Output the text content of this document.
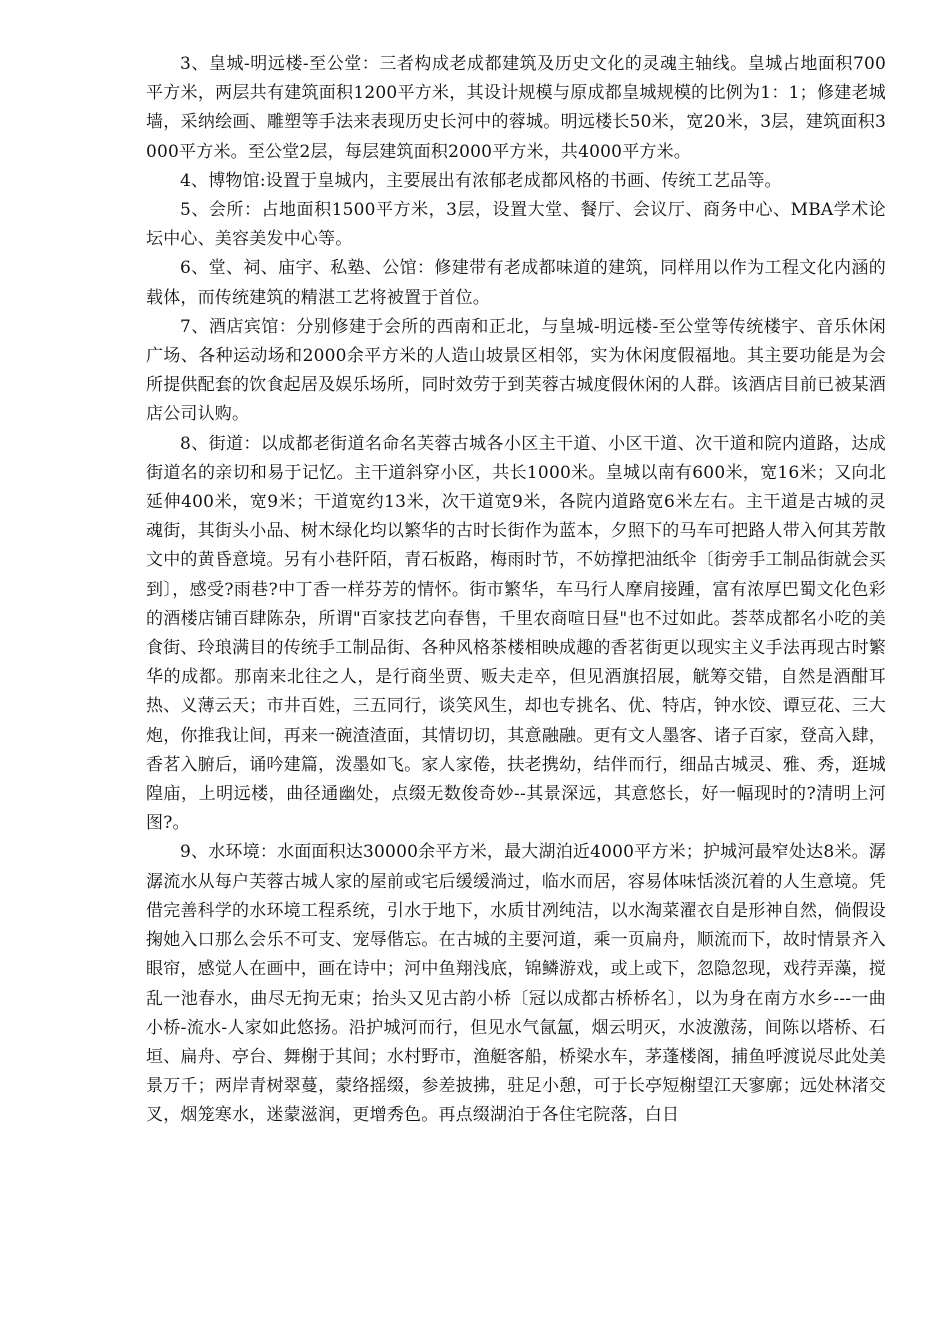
3、皇城-明远楼-至公堂：三者构成老成都建筑及历史文化的灵魂主轴线。皇城占地面积700平方米，两层共有建筑面积1200平方米，其设计规模与原成都皇城规模的比例为1：1；修建老城墙，采纳绘画、雕塑等手法来表现历史长河中的蓉城。明远楼长50米，宽20米，3层，建筑面积3000平方米。至公堂2层，每层建筑面积2000平方米，共4000平方米。

4、博物馆:设置于皇城内，主要展出有浓郁老成都风格的书画、传统工艺品等。

5、会所：占地面积1500平方米，3层，设置大堂、餐厅、会议厅、商务中心、MBA学术论坛中心、美容美发中心等。

6、堂、祠、庙宇、私塾、公馆：修建带有老成都味道的建筑，同样用以作为工程文化内涵的载体，而传统建筑的精湛工艺将被置于首位。

7、酒店宾馆：分别修建于会所的西南和正北，与皇城-明远楼-至公堂等传统楼宇、音乐休闲广场、各种运动场和2000余平方米的人造山坡景区相邻，实为休闲度假福地。其主要功能是为会所提供配套的饮食起居及娱乐场所，同时效劳于到芙蓉古城度假休闲的人群。该酒店目前已被某酒店公司认购。

8、街道：以成都老街道名命名芙蓉古城各小区主干道、小区干道、次干道和院内道路，达成街道名的亲切和易于记忆。主干道斜穿小区，共长1000米。皇城以南有600米，宽16米；又向北延伸400米，宽9米；干道宽约13米，次干道宽9米，各院内道路宽6米左右。主干道是古城的灵魂街，其街头小品、树木绿化均以繁华的古时长街作为蓝本，夕照下的马车可把路人带入何其芳散文中的黄昏意境。另有小巷阡陌，青石板路，梅雨时节，不妨撑把油纸伞〔街旁手工制品街就会买到〕，感受?雨巷?中丁香一样芬芳的情怀。街市繁华，车马行人摩肩接踵，富有浓厚巴蜀文化色彩的酒楼店铺百肆陈杂，所谓"百家技艺向春售，千里农商喧日昼"也不过如此。荟萃成都名小吃的美食街、玲琅满目的传统手工制品街、各种风格茶楼相映成趣的香茗街更以现实主义手法再现古时繁华的成都。那南来北往之人，是行商坐贾、贩夫走卒，但见酒旗招展，觥筹交错，自然是酒酣耳热、义薄云天；市井百姓，三五同行，谈笑风生，却也专挑名、优、特店，钟水饺、谭豆花、三大炮，你推我让间，再来一碗渣渣面，其情切切，其意融融。更有文人墨客、诸子百家，登高入肆，香茗入腑后，诵吟建篇，泼墨如飞。家人家倦，扶老携幼，结伴而行，细品古城灵、雅、秀，逛城隍庙，上明远楼，曲径通幽处，点缀无数俊奇妙--其景深远，其意悠长，好一幅现时的?清明上河图?。

9、水环境：水面面积达30000余平方米，最大湖泊近4000平方米；护城河最窄处达8米。潺潺流水从每户芙蓉古城人家的屋前或宅后缓缓淌过，临水而居，容易体味恬淡沉着的人生意境。凭借完善科学的水环境工程系统，引水于地下，水质甘冽纯洁，以水淘菜濯衣自是形神自然，倘假设掬她入口那么会乐不可支、宠辱偕忘。在古城的主要河道，乘一页扁舟，顺流而下，故时情景齐入眼帘，感觉人在画中，画在诗中；河中鱼翔浅底，锦鳞游戏，或上或下，忽隐忽现，戏荇弄藻，搅乱一池春水，曲尽无拘无束；抬头又见古韵小桥〔冠以成都古桥桥名〕，以为身在南方水乡---一曲小桥-流水-人家如此悠扬。沿护城河而行，但见水气氤氲，烟云明灭，水波激荡，间陈以塔桥、石垣、扁舟、亭台、舞榭于其间；水村野市，渔艇客船，桥梁水车，茅蓬楼阁，捕鱼呼渡说尽此处美景万千；两岸青树翠蔓，蒙络摇缀，参差披拂，驻足小憩，可于长亭短榭望江天寥廓；远处林渚交叉，烟笼寒水，迷蒙滋润，更增秀色。再点缀湖泊于各住宅院落，白日
